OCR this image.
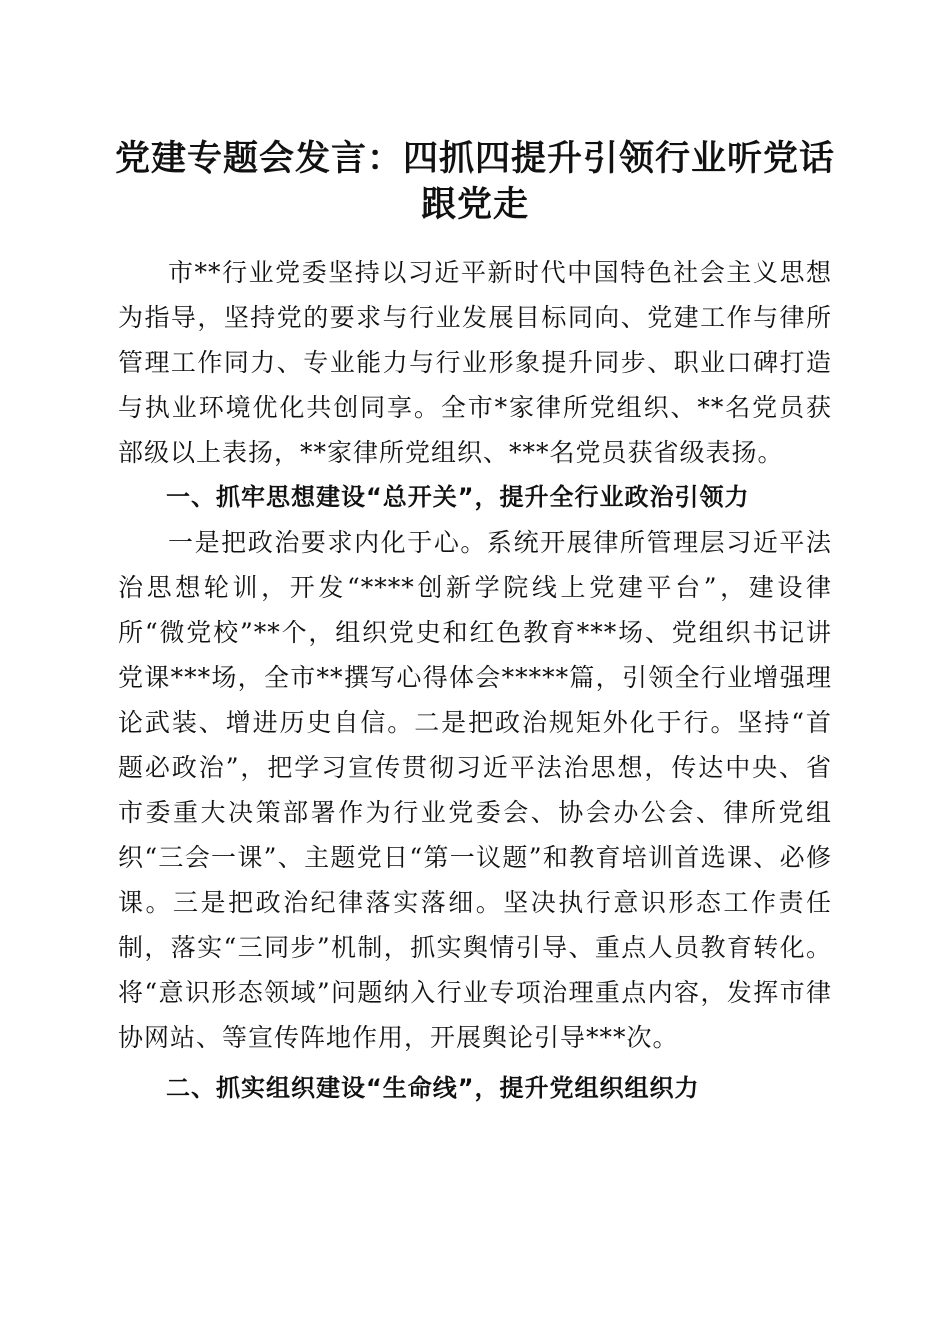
党建专题会发言：四抓四提升引领行业听党话跟党走

市**行业党委坚持以习近平新时代中国特色社会主义思想为指导，坚持党的要求与行业发展目标同向、党建工作与律所管理工作同力、专业能力与行业形象提升同步、职业口碑打造与执业环境优化共创同享。全市*家律所党组织、**名党员获部级以上表扬，**家律所党组织、***名党员获省级表扬。

一、抓牢思想建设“总开关”，提升全行业政治引领力

一是把政治要求内化于心。系统开展律所管理层习近平法治思想轮训，开发“****创新学院线上党建平台”，建设律所“微党校”**个，组织党史和红色教育***场、党组织书记讲党课***场，全市**撰写心得体会*****篇，引领全行业增强理论武装、增进历史自信。二是把政治规矩外化于行。坚持“首题必政治”，把学习宣传贯彻习近平法治思想，传达中央、省市委重大决策部署作为行业党委会、协会办公会、律所党组织“三会一课”、主题党日“第一议题”和教育培训首选课、必修课。三是把政治纪律落实落细。坚决执行意识形态工作责任制，落实“三同步”机制，抓实舆情引导、重点人员教育转化。将“意识形态领域”问题纳入行业专项治理重点内容，发挥市律协网站、等宣传阵地作用，开展舆论引导***次。

二、抓实组织建设“生命线”，提升党组织组织力
